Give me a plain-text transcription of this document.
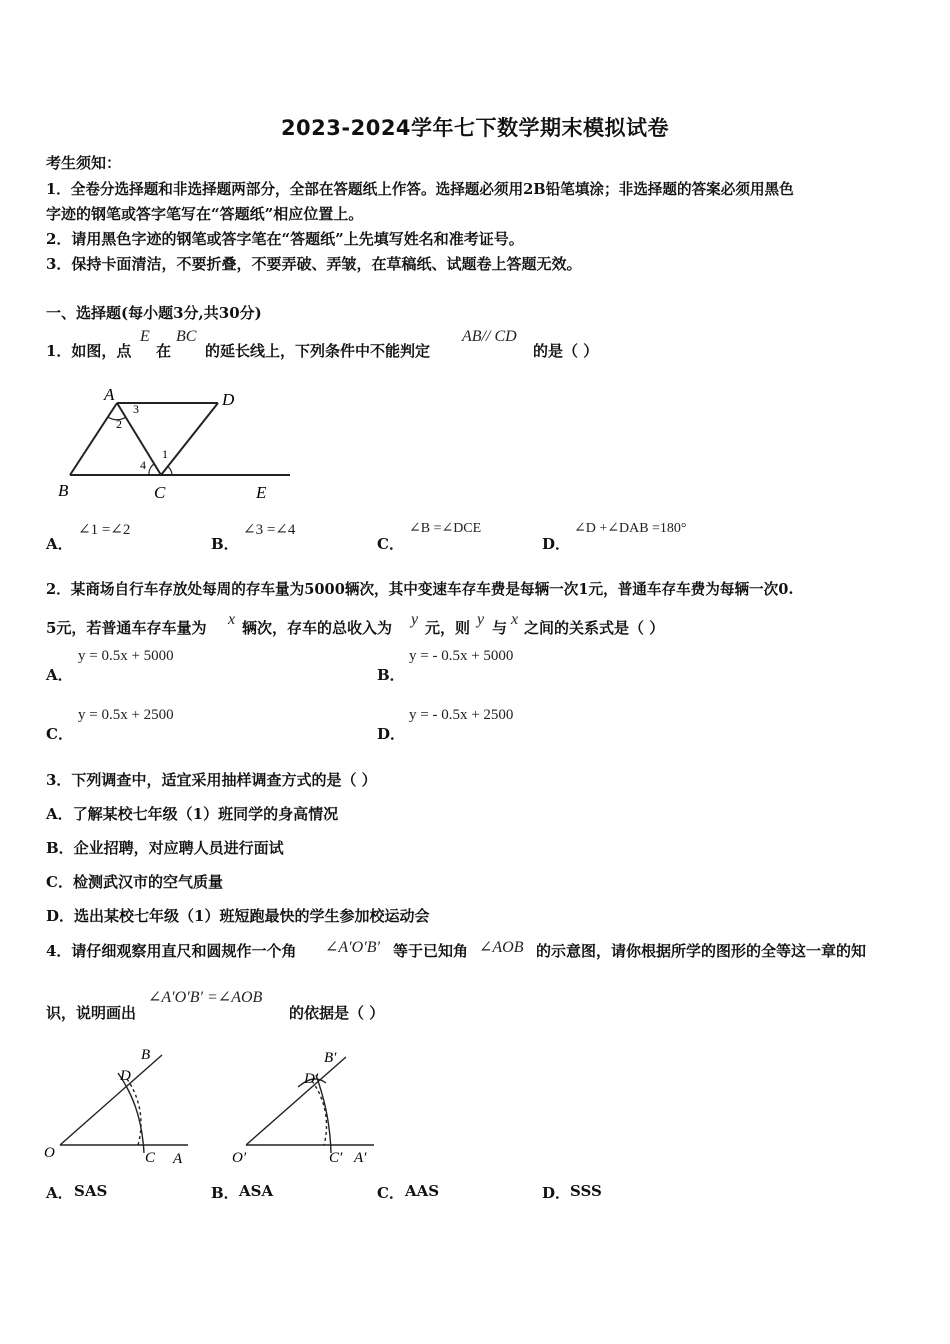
2023-2024学年七下数学期末模拟试卷
考生须知：
1．全卷分选择题和非选择题两部分，全部在答题纸上作答。选择题必须用2B铅笔填涂；非选择题的答案必须用黑色
字迹的钢笔或答字笔写在“答题纸”相应位置上。
2．请用黑色字迹的钢笔或答字笔在“答题纸”上先填写姓名和准考证号。
3．保持卡面清洁，不要折叠，不要弄破、弄皱，在草稿纸、试题卷上答题无效。
一、选择题(每小题3分,共30分)
1．如图，点
E
在
BC
的延长线上，下列条件中不能判定
AB// CD
的是（ ）
A	D
B	C	E
1
2
3
4
A．
∠1 =∠2
B．
∠3 =∠4
C．
∠B =∠DCE
D．
∠D +∠DAB =180°
2．某商场自行车存放处每周的存车量为5000辆次，其中变速车存车费是每辆一次1元，普通车存车费为每辆一次0.
5元，若普通车存车量为 x 辆次，存车的总收入为 y 元，则 y 与 x 之间的关系式是（ ）
A．
y = 0.5x + 5000
B．
y = - 0.5x + 5000
C．
y = 0.5x + 2500
D．
y = - 0.5x + 2500
3．下列调查中，适宜采用抽样调查方式的是（ ）
A．了解某校七年级（1）班同学的身高情况
B．企业招聘，对应聘人员进行面试
C．检测武汉市的空气质量
D．选出某校七年级（1）班短跑最快的学生参加校运动会
4．请仔细观察用直尺和圆规作一个角 ∠A′O′B′ 等于已知角 ∠AOB 的示意图，请你根据所学的图形的全等这一章的知
识，说明画出
∠A′O′B′ =∠AOB
的依据是（ ）
O	A
B
C
D
O′	A′
B′
C′
D′
A． SAS	B． ASA	C． AAS	D． SSS
